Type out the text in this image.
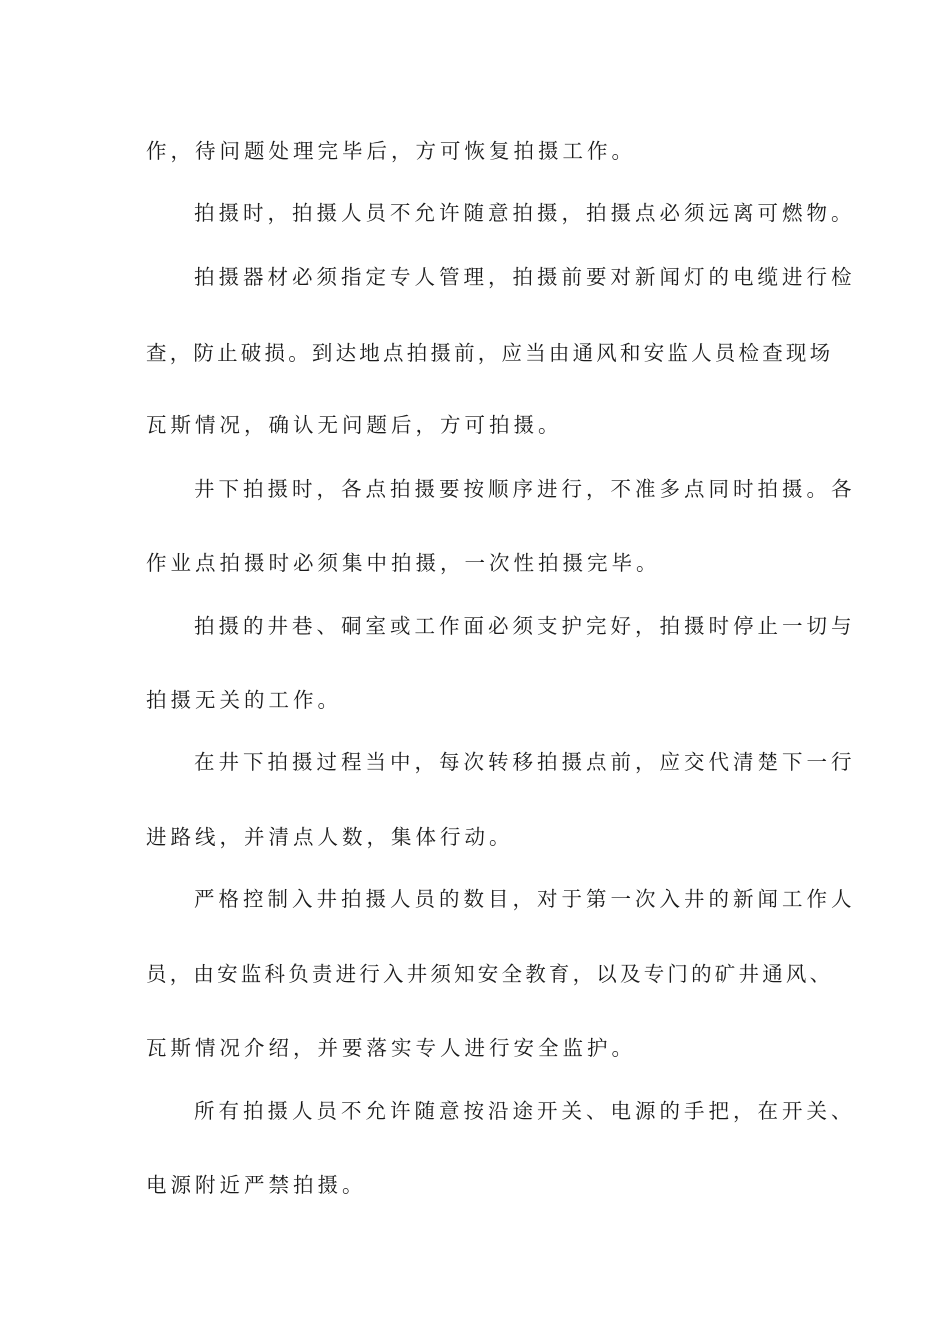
作，待问题处理完毕后，方可恢复拍摄工作。
拍摄时，拍摄人员不允许随意拍摄，拍摄点必须远离可燃物。
拍摄器材必须指定专人管理，拍摄前要对新闻灯的电缆进行检
查，防止破损。到达地点拍摄前，应当由通风和安监人员检查现场
瓦斯情况，确认无问题后，方可拍摄。
井下拍摄时，各点拍摄要按顺序进行，不准多点同时拍摄。各
作业点拍摄时必须集中拍摄，一次性拍摄完毕。
拍摄的井巷、硐室或工作面必须支护完好，拍摄时停止一切与
拍摄无关的工作。
在井下拍摄过程当中，每次转移拍摄点前，应交代清楚下一行
进路线，并清点人数，集体行动。
严格控制入井拍摄人员的数目，对于第一次入井的新闻工作人
员，由安监科负责进行入井须知安全教育，以及专门的矿井通风、
瓦斯情况介绍，并要落实专人进行安全监护。
所有拍摄人员不允许随意按沿途开关、电源的手把，在开关、
电源附近严禁拍摄。
